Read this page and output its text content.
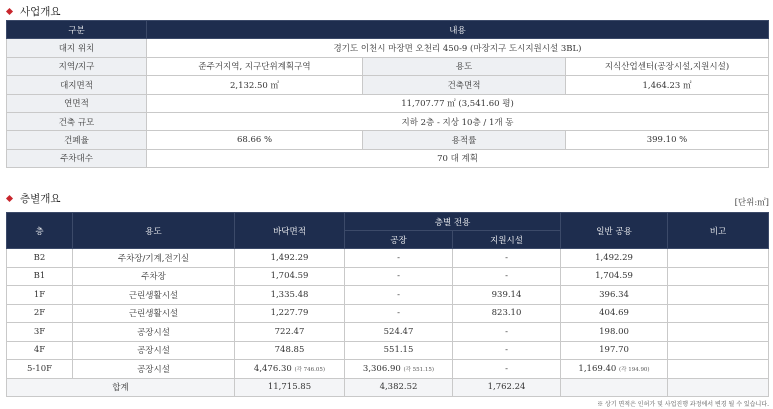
사업개요
구분	내용		
대지 위치	경기도 이천시 마장면 오천리 450-9 (마장지구 도시지원시설 3BL)		
지역/지구	준주거지역, 지구단위계획구역	용도	지식산업센터(공장시설,지원시설)
대지면적	2,132.50 ㎡	건축면적	1,464.23 ㎡
연면적	11,707.77 ㎡ (3,541.60 평)		
건축 규모	지하 2층 - 지상 10층 / 1개 동		
건폐율	68.66 %	용적률	399.10 %
주차대수	70 대 계획		
층별개요	[단위:㎡]
층	용도	바닥면적	층별 전용		일반 공용	비고
			공장	지원시설		
B2	주차장/기계,전기실	1,492.29	-	-	1,492.29	
B1	주차장	1,704.59	-	-	1,704.59	
1F	근린생활시설	1,335.48	-	939.14	396.34	
2F	근린생활시설	1,227.79	-	823.10	404.69	
3F	공장시설	722.47	524.47	-	198.00	
4F	공장시설	748.85	551.15	-	197.70	
5-10F	공장시설	4,476.30 (각 746.05)	3,306.90 (각 551.15)	-	1,169.40 (각 194.90)	
합계		11,715.85	4,382.52	1,762.24		
※ 상기 면적은 인허가 및 사업진행 과정에서 변경 될 수 있습니다.
